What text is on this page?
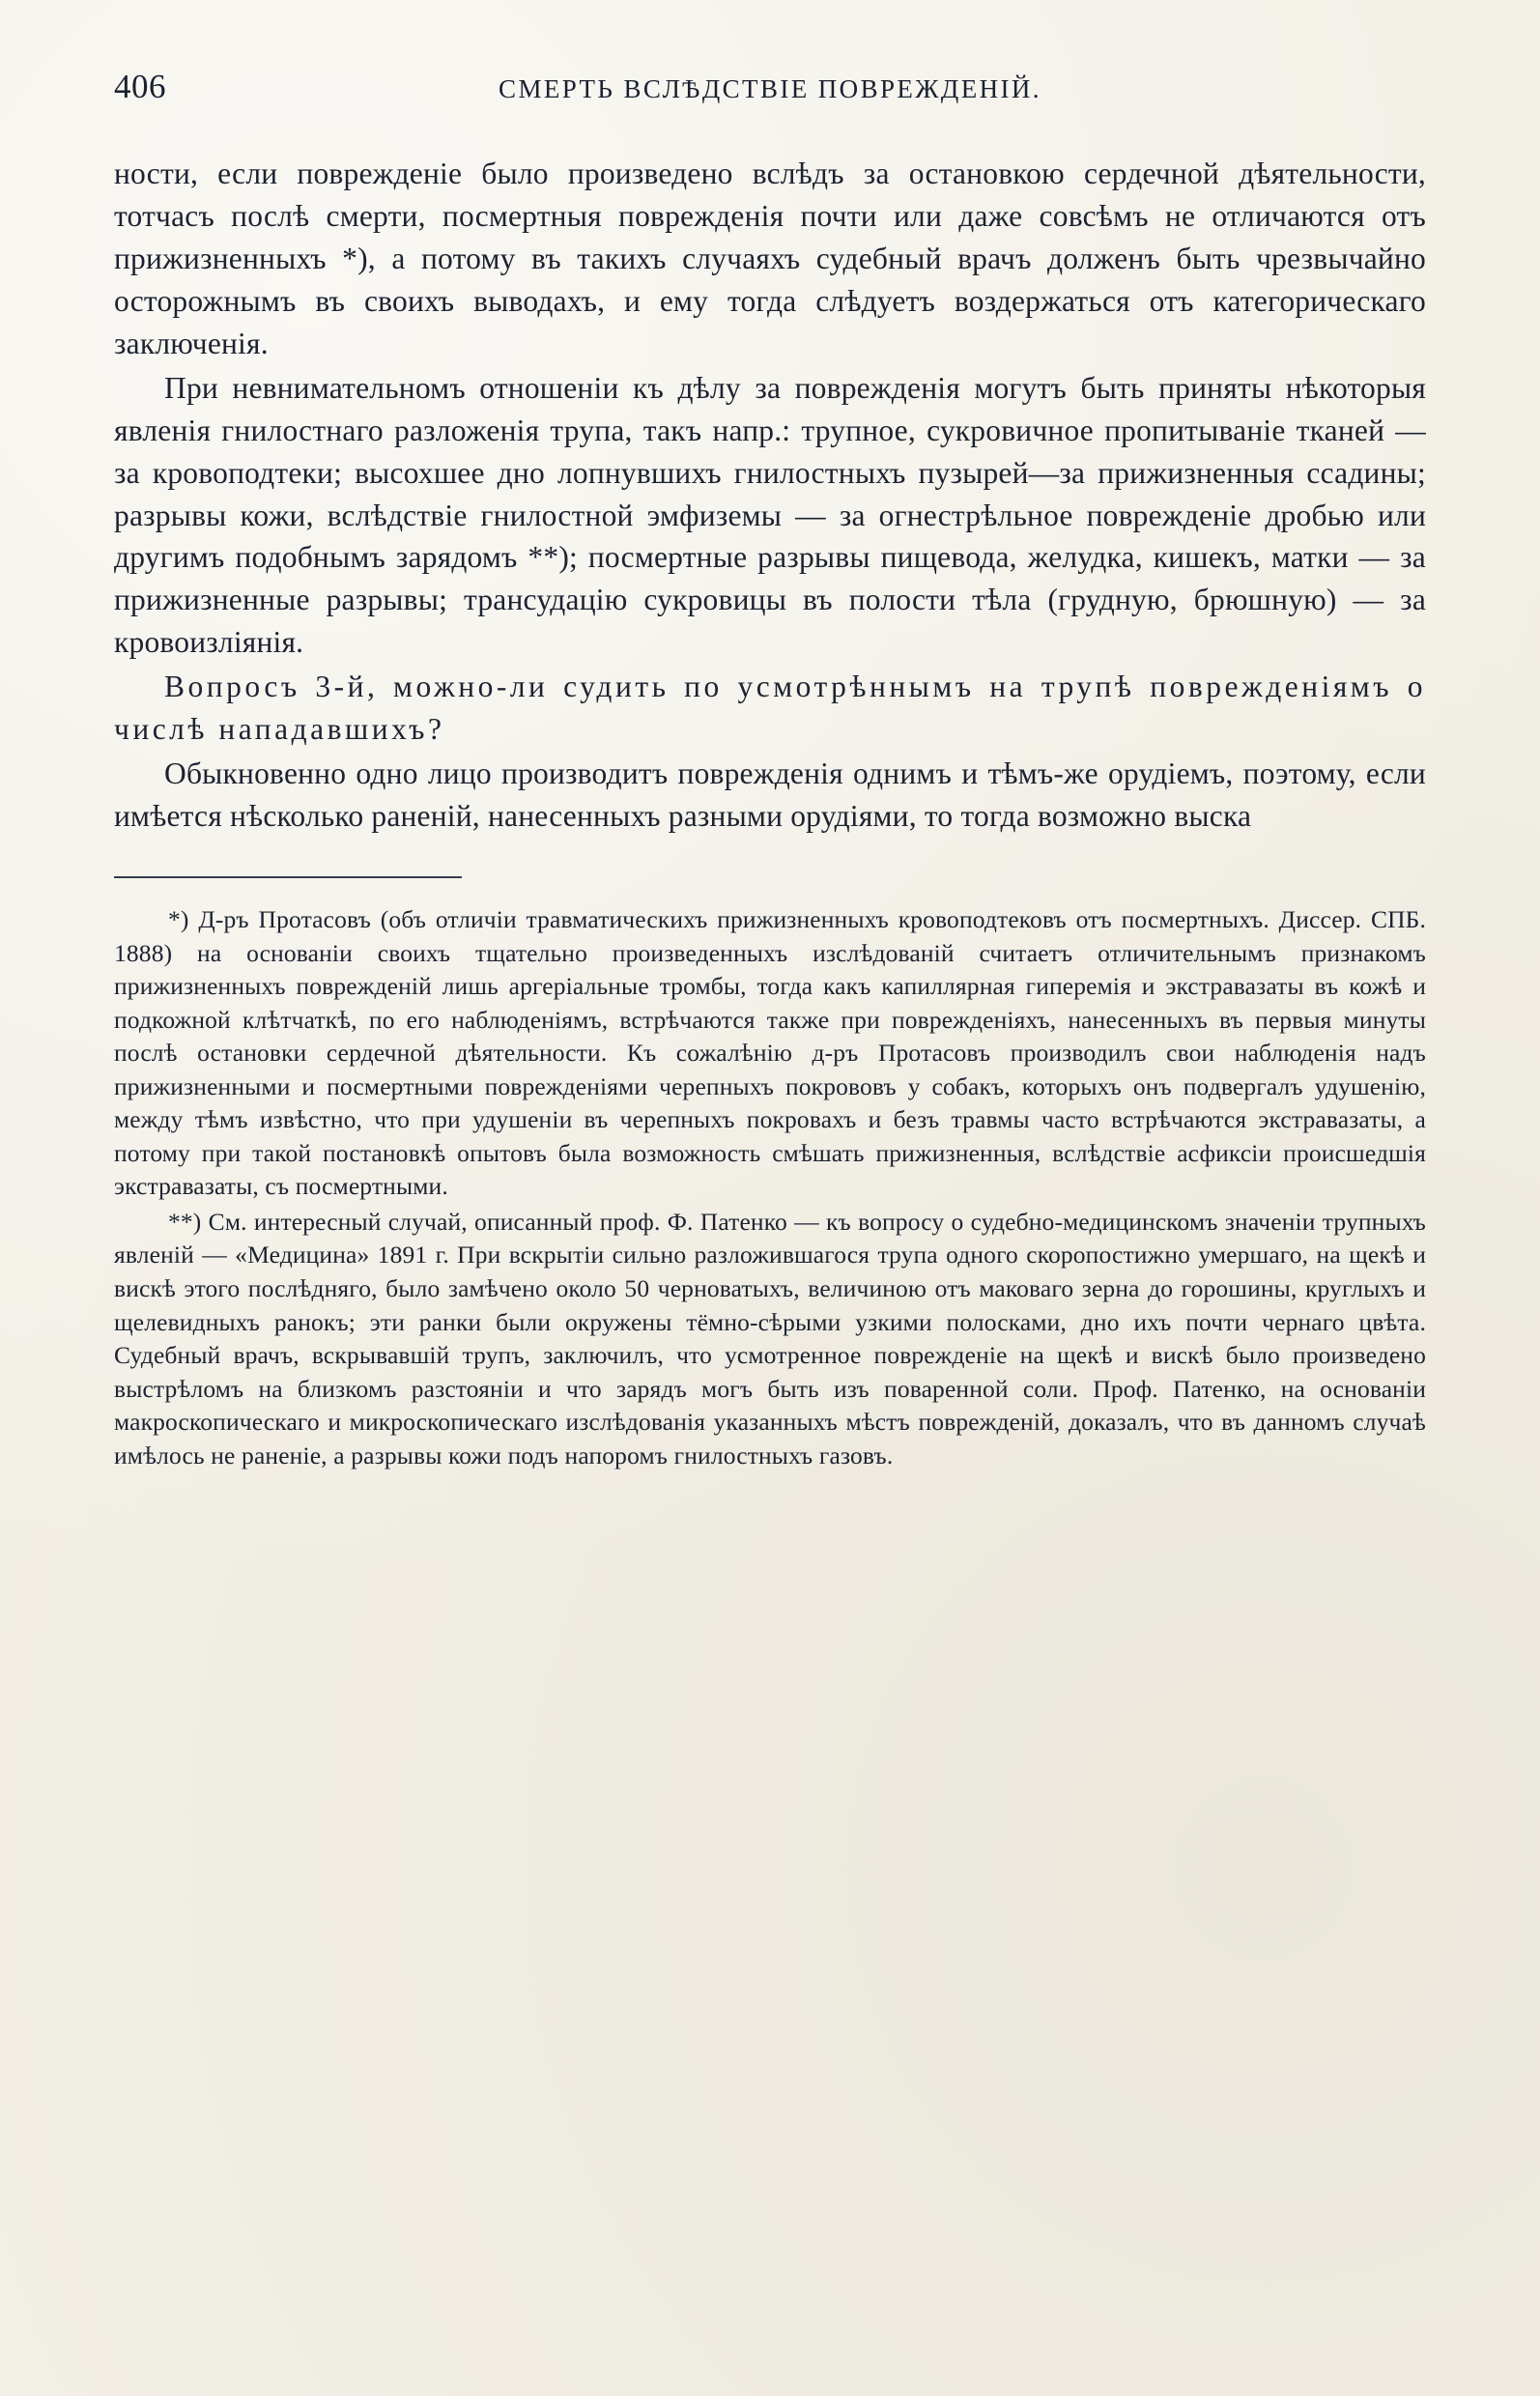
406	СМЕРТЬ ВСЛѢДСТВІЕ ПОВРЕЖДЕНІЙ.

ности, если поврежденіе было произведено вслѣдъ за остановкою сердечной дѣятельности, тотчасъ послѣ смерти, посмертныя поврежденія почти или даже совсѣмъ не отличаются отъ прижизненныхъ *), а потому въ такихъ случаяхъ судебный врачъ долженъ быть чрезвычайно осторожнымъ въ своихъ выводахъ, и ему тогда слѣдуетъ воздержаться отъ категорическаго заключенія.

При невнимательномъ отношеніи къ дѣлу за поврежденія могутъ быть приняты нѣкоторыя явленія гнилостнаго разложенія трупа, такъ напр.: трупное, сукровичное пропитываніе тканей — за кровоподтеки; высохшее дно лопнувшихъ гнилостныхъ пузырей—за прижизненныя ссадины; разрывы кожи, вслѣдствіе гнилостной эмфиземы — за огнестрѣльное поврежденіе дробью или другимъ подобнымъ зарядомъ **); посмертные разрывы пищевода, желудка, кишекъ, матки — за прижизненные разрывы; трансудацію сукровицы въ полости тѣла (грудную, брюшную) — за кровоизліянія.

Вопросъ 3-й, можно-ли судить по усмотрѣннымъ на трупѣ поврежденіямъ о числѣ нападавшихъ?

Обыкновенно одно лицо производитъ поврежденія однимъ и тѣмъ-же орудіемъ, поэтому, если имѣется нѣсколько раненій, нанесенныхъ разными орудіями, то тогда возможно выска

*) Д-ръ Протасовъ (объ отличіи травматическихъ прижизненныхъ кровоподтековъ отъ посмертныхъ. Диссер. СПБ. 1888) на основаніи своихъ тщательно произведенныхъ изслѣдованій считаетъ отличительнымъ признакомъ прижизненныхъ поврежденій лишь аргеріальные тромбы, тогда какъ капиллярная гиперемія и экстравазаты въ кожѣ и подкожной клѣтчаткѣ, по его наблюденіямъ, встрѣчаются также при поврежденіяхъ, нанесенныхъ въ первыя минуты послѣ остановки сердечной дѣятельности. Къ сожалѣнію д-ръ Протасовъ производилъ свои наблюденія надъ прижизненными и посмертными поврежденіями черепныхъ покрововъ у собакъ, которыхъ онъ подвергалъ удушенію, между тѣмъ извѣстно, что при удушеніи въ черепныхъ покровахъ и безъ травмы часто встрѣчаются экстравазаты, а потому при такой постановкѣ опытовъ была возможность смѣшать прижизненныя, вслѣдствіе асфиксіи происшедшія экстравазаты, съ посмертными.

**) См. интересный случай, описанный проф. Ф. Патенко — къ вопросу о судебно-медицинскомъ значеніи трупныхъ явленій — «Медицина» 1891 г. При вскрытіи сильно разложившагося трупа одного скоропостижно умершаго, на щекѣ и вискѣ этого послѣдняго, было замѣчено около 50 черноватыхъ, величиною отъ маковаго зерна до горошины, круглыхъ и щелевидныхъ ранокъ; эти ранки были окружены тёмно-сѣрыми узкими полосками, дно ихъ почти чернаго цвѣта. Судебный врачъ, вскрывавшій трупъ, заключилъ, что усмотренное поврежденіе на щекѣ и вискѣ было произведено выстрѣломъ на близкомъ разстояніи и что зарядъ могъ быть изъ поваренной соли. Проф. Патенко, на основаніи макроскопическаго и микроскопическаго изслѣдованія указанныхъ мѣстъ поврежденій, доказалъ, что въ данномъ случаѣ имѣлось не раненіе, а разрывы кожи подъ напоромъ гнилостныхъ газовъ.
